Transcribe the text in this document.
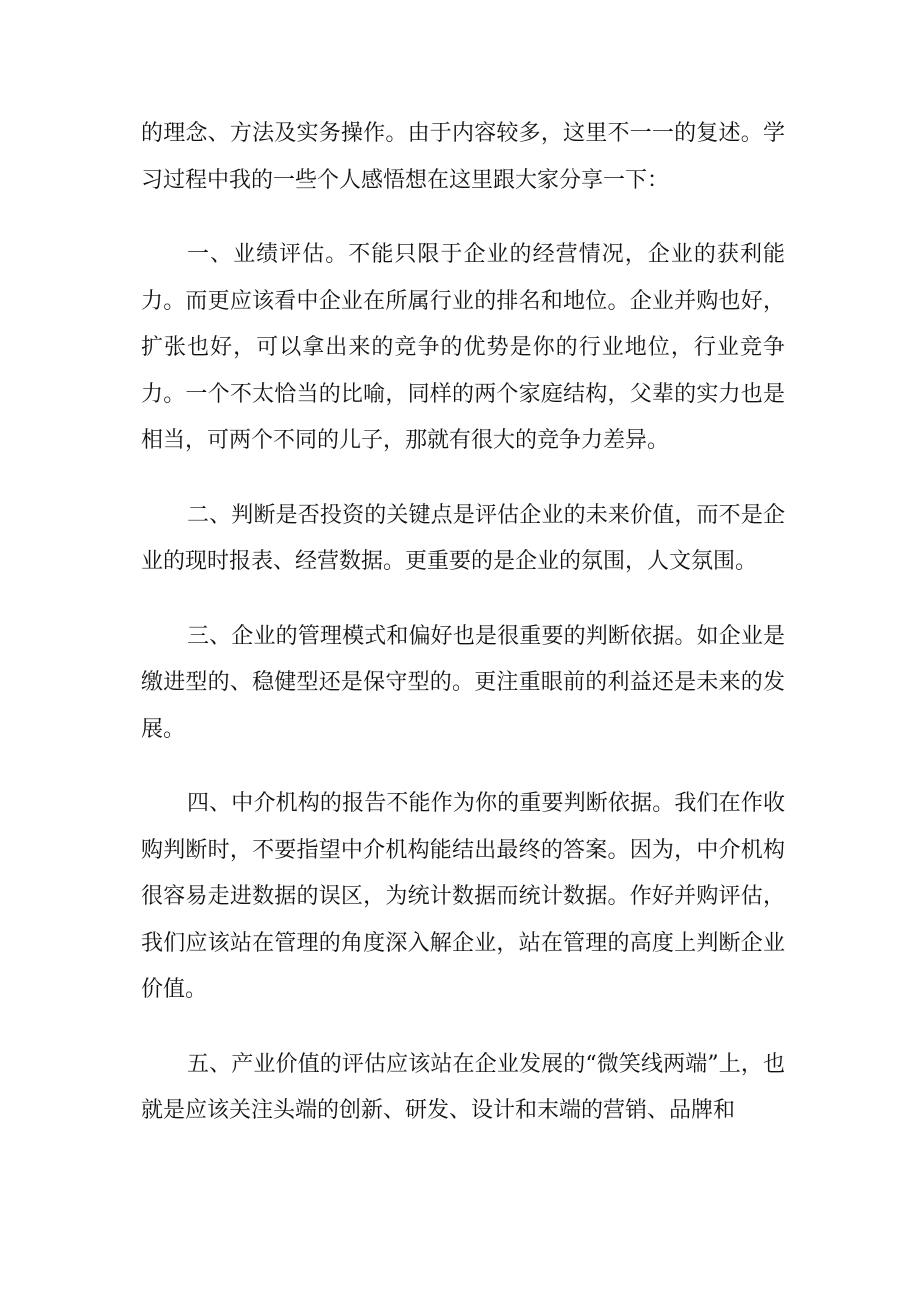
的理念、方法及实务操作。由于内容较多，这里不一一的复述。学习过程中我的一些个人感悟想在这里跟大家分享一下：

一、业绩评估。不能只限于企业的经营情况，企业的获利能力。而更应该看中企业在所属行业的排名和地位。企业并购也好，扩张也好，可以拿出来的竞争的优势是你的行业地位，行业竞争力。一个不太恰当的比喻，同样的两个家庭结构，父辈的实力也是相当，可两个不同的儿子，那就有很大的竞争力差异。

二、判断是否投资的关键点是评估企业的未来价值，而不是企业的现时报表、经营数据。更重要的是企业的氛围，人文氛围。

三、企业的管理模式和偏好也是很重要的判断依据。如企业是缴进型的、稳健型还是保守型的。更注重眼前的利益还是未来的发展。

四、中介机构的报告不能作为你的重要判断依据。我们在作收购判断时，不要指望中介机构能结出最终的答案。因为，中介机构很容易走进数据的误区，为统计数据而统计数据。作好并购评估，我们应该站在管理的角度深入解企业，站在管理的高度上判断企业价值。

五、产业价值的评估应该站在企业发展的“微笑线两端”上，也就是应该关注头端的创新、研发、设计和末端的营销、品牌和
